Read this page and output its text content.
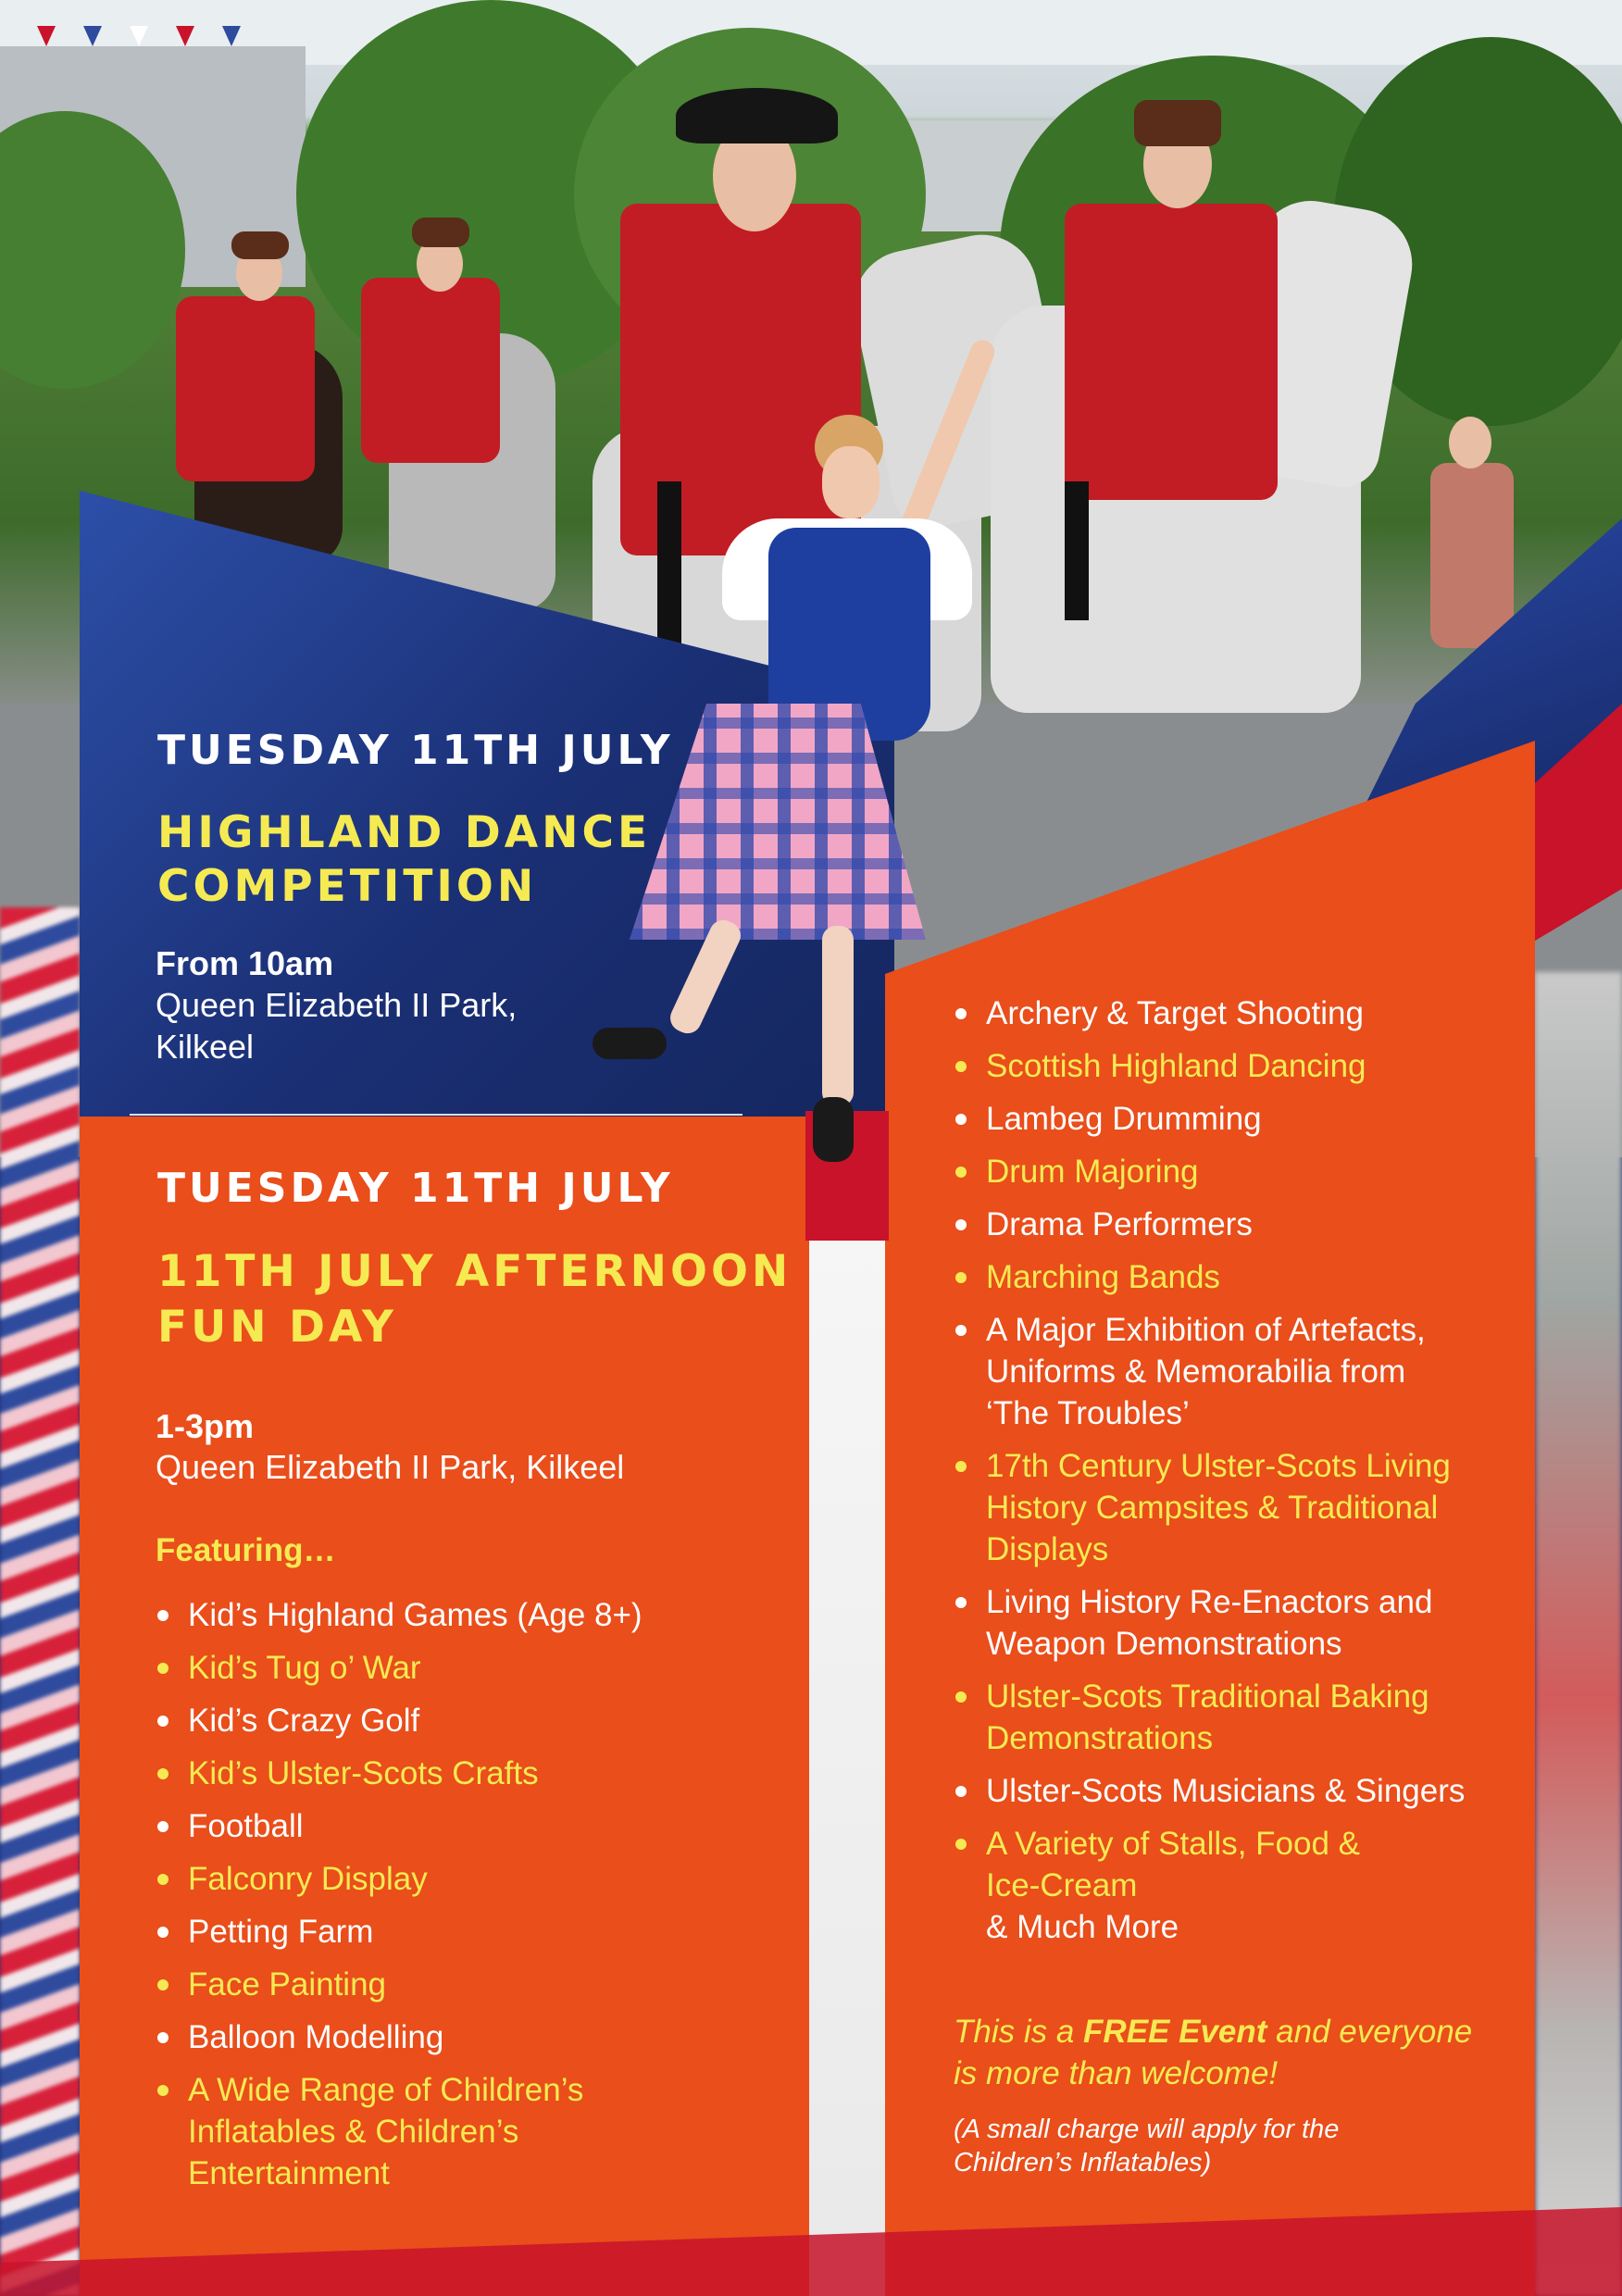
TUESDAY 11TH JULY
HIGHLAND DANCE
COMPETITION
From 10am
Queen Elizabeth II Park,
Kilkeel
TUESDAY 11TH JULY
11TH JULY AFTERNOON
FUN DAY
1-3pm
Queen Elizabeth II Park, Kilkeel
Featuring…
Kid’s Highland Games (Age 8+)
Kid’s Tug o’ War
Kid’s Crazy Golf
Kid’s Ulster-Scots Crafts
Football
Falconry Display
Petting Farm
Face Painting
Balloon Modelling
A Wide Range of Children’s
Inflatables & Children’s
Entertainment
Archery & Target Shooting
Scottish Highland Dancing
Lambeg Drumming
Drum Majoring
Drama Performers
Marching Bands
A Major Exhibition of Artefacts,
Uniforms & Memorabilia from
‘The Troubles’
17th Century Ulster-Scots Living
History Campsites & Traditional
Displays
Living History Re-Enactors and
Weapon Demonstrations
Ulster-Scots Traditional Baking
Demonstrations
Ulster-Scots Musicians & Singers
A Variety of Stalls, Food &
Ice-Cream
& Much More
This is a FREE Event and everyone
is more than welcome!
(A small charge will apply for the
Children’s Inflatables)
